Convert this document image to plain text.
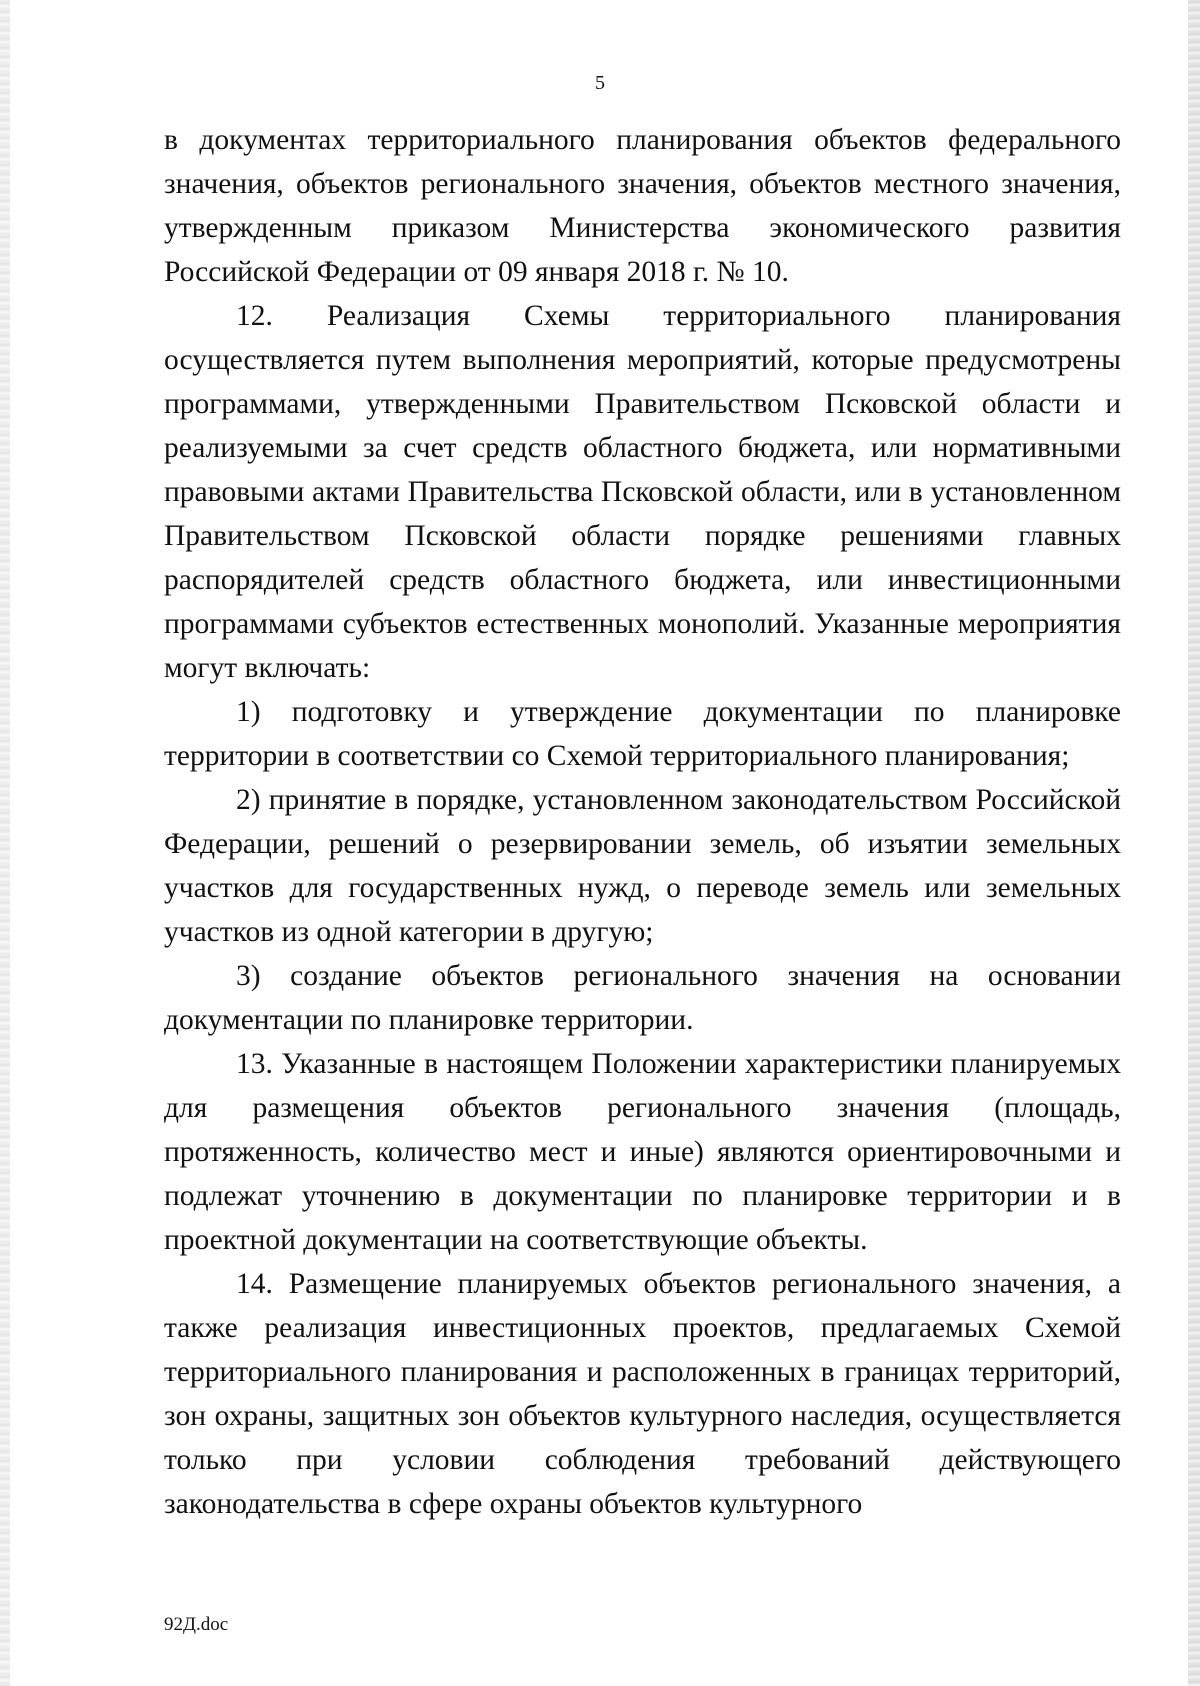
5

в документах территориального планирования объектов федерального значения, объектов регионального значения, объектов местного значения, утвержденным приказом Министерства экономического развития Российской Федерации от 09 января 2018 г. № 10.

12. Реализация Схемы территориального планирования осуществляется путем выполнения мероприятий, которые предусмотрены программами, утвержденными Правительством Псковской области и реализуемыми за счет средств областного бюджета, или нормативными правовыми актами Правительства Псковской области, или в установленном Правительством Псковской области порядке решениями главных распорядителей средств областного бюджета, или инвестиционными программами субъектов естественных монополий. Указанные мероприятия могут включать:

1) подготовку и утверждение документации по планировке территории в соответствии со Схемой территориального планирования;

2) принятие в порядке, установленном законодательством Российской Федерации, решений о резервировании земель, об изъятии земельных участков для государственных нужд, о переводе земель или земельных участков из одной категории в другую;

3) создание объектов регионального значения на основании документации по планировке территории.

13. Указанные в настоящем Положении характеристики планируемых для размещения объектов регионального значения (площадь, протяженность, количество мест и иные) являются ориентировочными и подлежат уточнению в документации по планировке территории и в проектной документации на соответствующие объекты.

14. Размещение планируемых объектов регионального значения, а также реализация инвестиционных проектов, предлагаемых Схемой территориального планирования и расположенных в границах территорий, зон охраны, защитных зон объектов культурного наследия, осуществляется только при условии соблюдения требований действующего законодательства в сфере охраны объектов культурного

92Д.doc
